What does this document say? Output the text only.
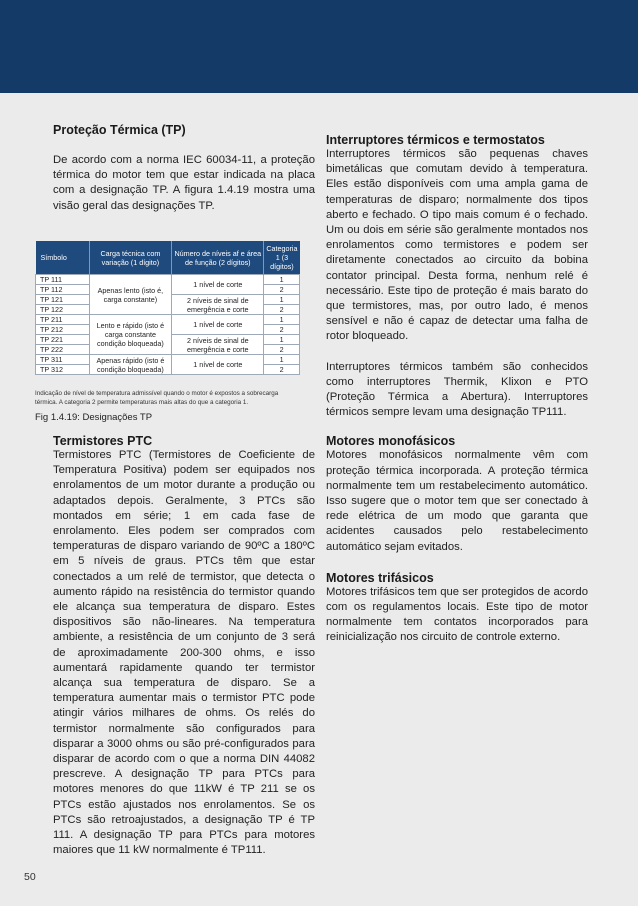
Proteção Térmica (TP)

De acordo com a norma IEC 60034-11, a proteção térmica do motor tem que estar indicada na placa com a designação TP. A figura 1.4.19 mostra uma visão geral das designações TP.

Símbolo	Carga técnica com variação (1 dígito)	Número de níveis af e área de função (2 dígitos)	Categoria 1 (3 dígitos)
TP 111	Apenas lento (isto é, carga constante)	1 nível de corte	1
TP 112			2
TP 121		2 níveis de sinal de emergência e corte	1
TP 122			2
TP 211	Lento e rápido (isto é carga constante condição bloqueada)	1 nível de corte	1
TP 212			2
TP 221		2 níveis de sinal de emergência e corte	1
TP 222			2
TP 311	Apenas rápido (isto é condição bloqueada)	1 nível de corte	1
TP 312			2
Indicação de nível de temperatura admissível quando o motor é expostos a sobrecarga térmica. A categoria 2 permite temperaturas mais altas do que a categoria 1.
Fig 1.4.19: Designações TP
Termistores PTC

Termistores PTC (Termistores de Coeficiente de Temperatura Positiva) podem ser equipados nos enrolamentos de um motor durante a produção ou adaptados depois. Geralmente, 3 PTCs são montados em série; 1 em cada fase de enrolamento. Eles podem ser comprados com temperaturas de disparo variando de 90ºC a 180ºC em 5 níveis de graus. PTCs têm que estar conectados a um relé de termistor, que detecta o aumento rápido na resistência do termistor quando ele alcança sua temperatura de disparo. Estes dispositivos são não-lineares. Na temperatura ambiente, a resistência de um conjunto de 3 será de aproximadamente 200-300 ohms, e isso aumentará rapidamente quando ter termistor alcança sua temperatura de disparo. Se a temperatura aumentar mais o termistor PTC pode atingir vários milhares de ohms. Os relés do termistor normalmente são configurados para disparar a 3000 ohms ou são pré-configurados para disparar de acordo com o que a norma DIN 44082 prescreve. A designação TP para PTCs para motores menores do que 11kW é TP 211 se os PTCs estão ajustados nos enrolamentos. Se os PTCs são retroajustados, a designação TP é TP 111. A designação TP para PTCs para motores maiores que 11 kW normalmente é TP111.

Interruptores térmicos e termostatos

Interruptores térmicos são pequenas chaves bimetálicas que comutam devido à temperatura. Eles estão disponíveis com uma ampla gama de temperaturas de disparo; normalmente dos tipos aberto e fechado. O tipo mais comum é o fechado. Um ou dois em série são geralmente montados nos enrolamentos como termistores e podem ser diretamente conectados ao circuito da bobina contator principal. Desta forma, nenhum relé é necessário. Este tipo de proteção é mais barato do que termistores, mas, por outro lado, é menos sensível e não é capaz de detectar uma falha de rotor bloqueado.

Interruptores térmicos também são conhecidos como interruptores Thermik, Klixon e PTO (Proteção Térmica a Abertura). Interruptores térmicos sempre levam uma designação TP111.

Motores monofásicos

Motores monofásicos normalmente vêm com proteção térmica incorporada. A proteção térmica normalmente tem um restabelecimento automático. Isso sugere que o motor tem que ser conectado à rede elétrica de um modo que garanta que acidentes causados pelo restabelecimento automático sejam evitados.

Motores trifásicos

Motores trifásicos tem que ser protegidos de acordo com os regulamentos locais. Este tipo de motor normalmente tem contatos incorporados para reinicialização nos circuito de controle externo.

50
